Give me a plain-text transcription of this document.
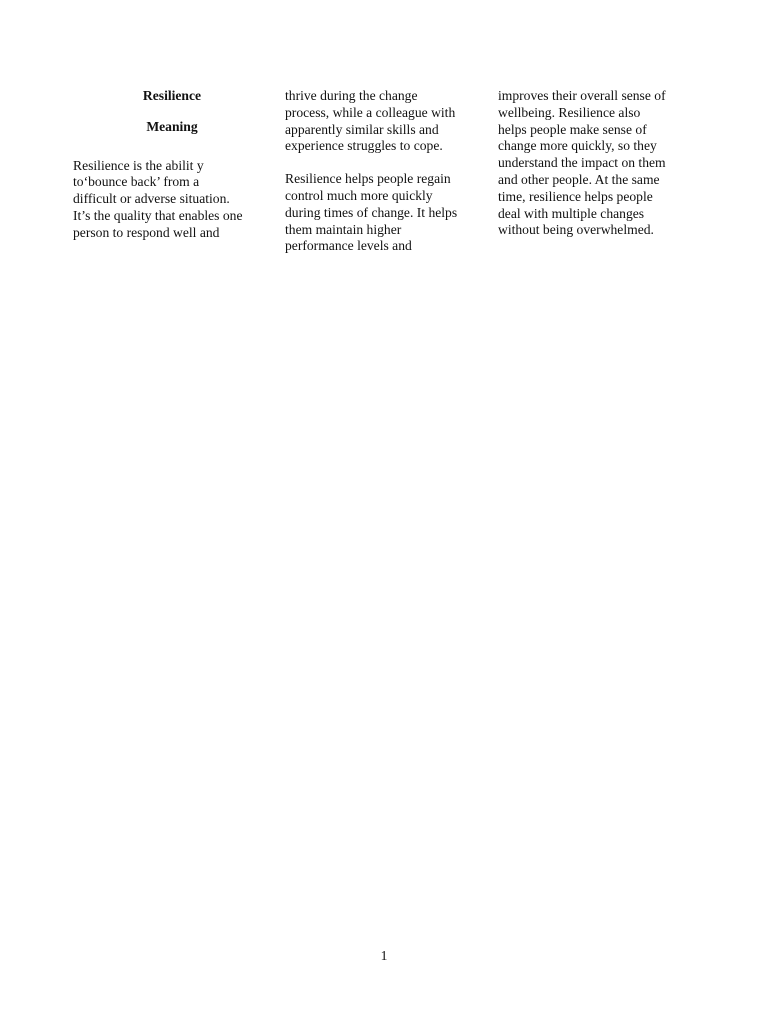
Resilience

Meaning

Resilience is the abilit y
to‘bounce back’ from a
difficult or adverse situation.
It’s the quality that enables one
person to respond well and

thrive during the change
process, while a colleague with
apparently similar skills and
experience struggles to cope.

Resilience helps people regain
control much more quickly
during times of change. It helps
them maintain higher
performance levels and

improves their overall sense of
wellbeing. Resilience also
helps people make sense of
change more quickly, so they
understand the impact on them
and other people. At the same
time, resilience helps people
deal with multiple changes
without being overwhelmed.

1
